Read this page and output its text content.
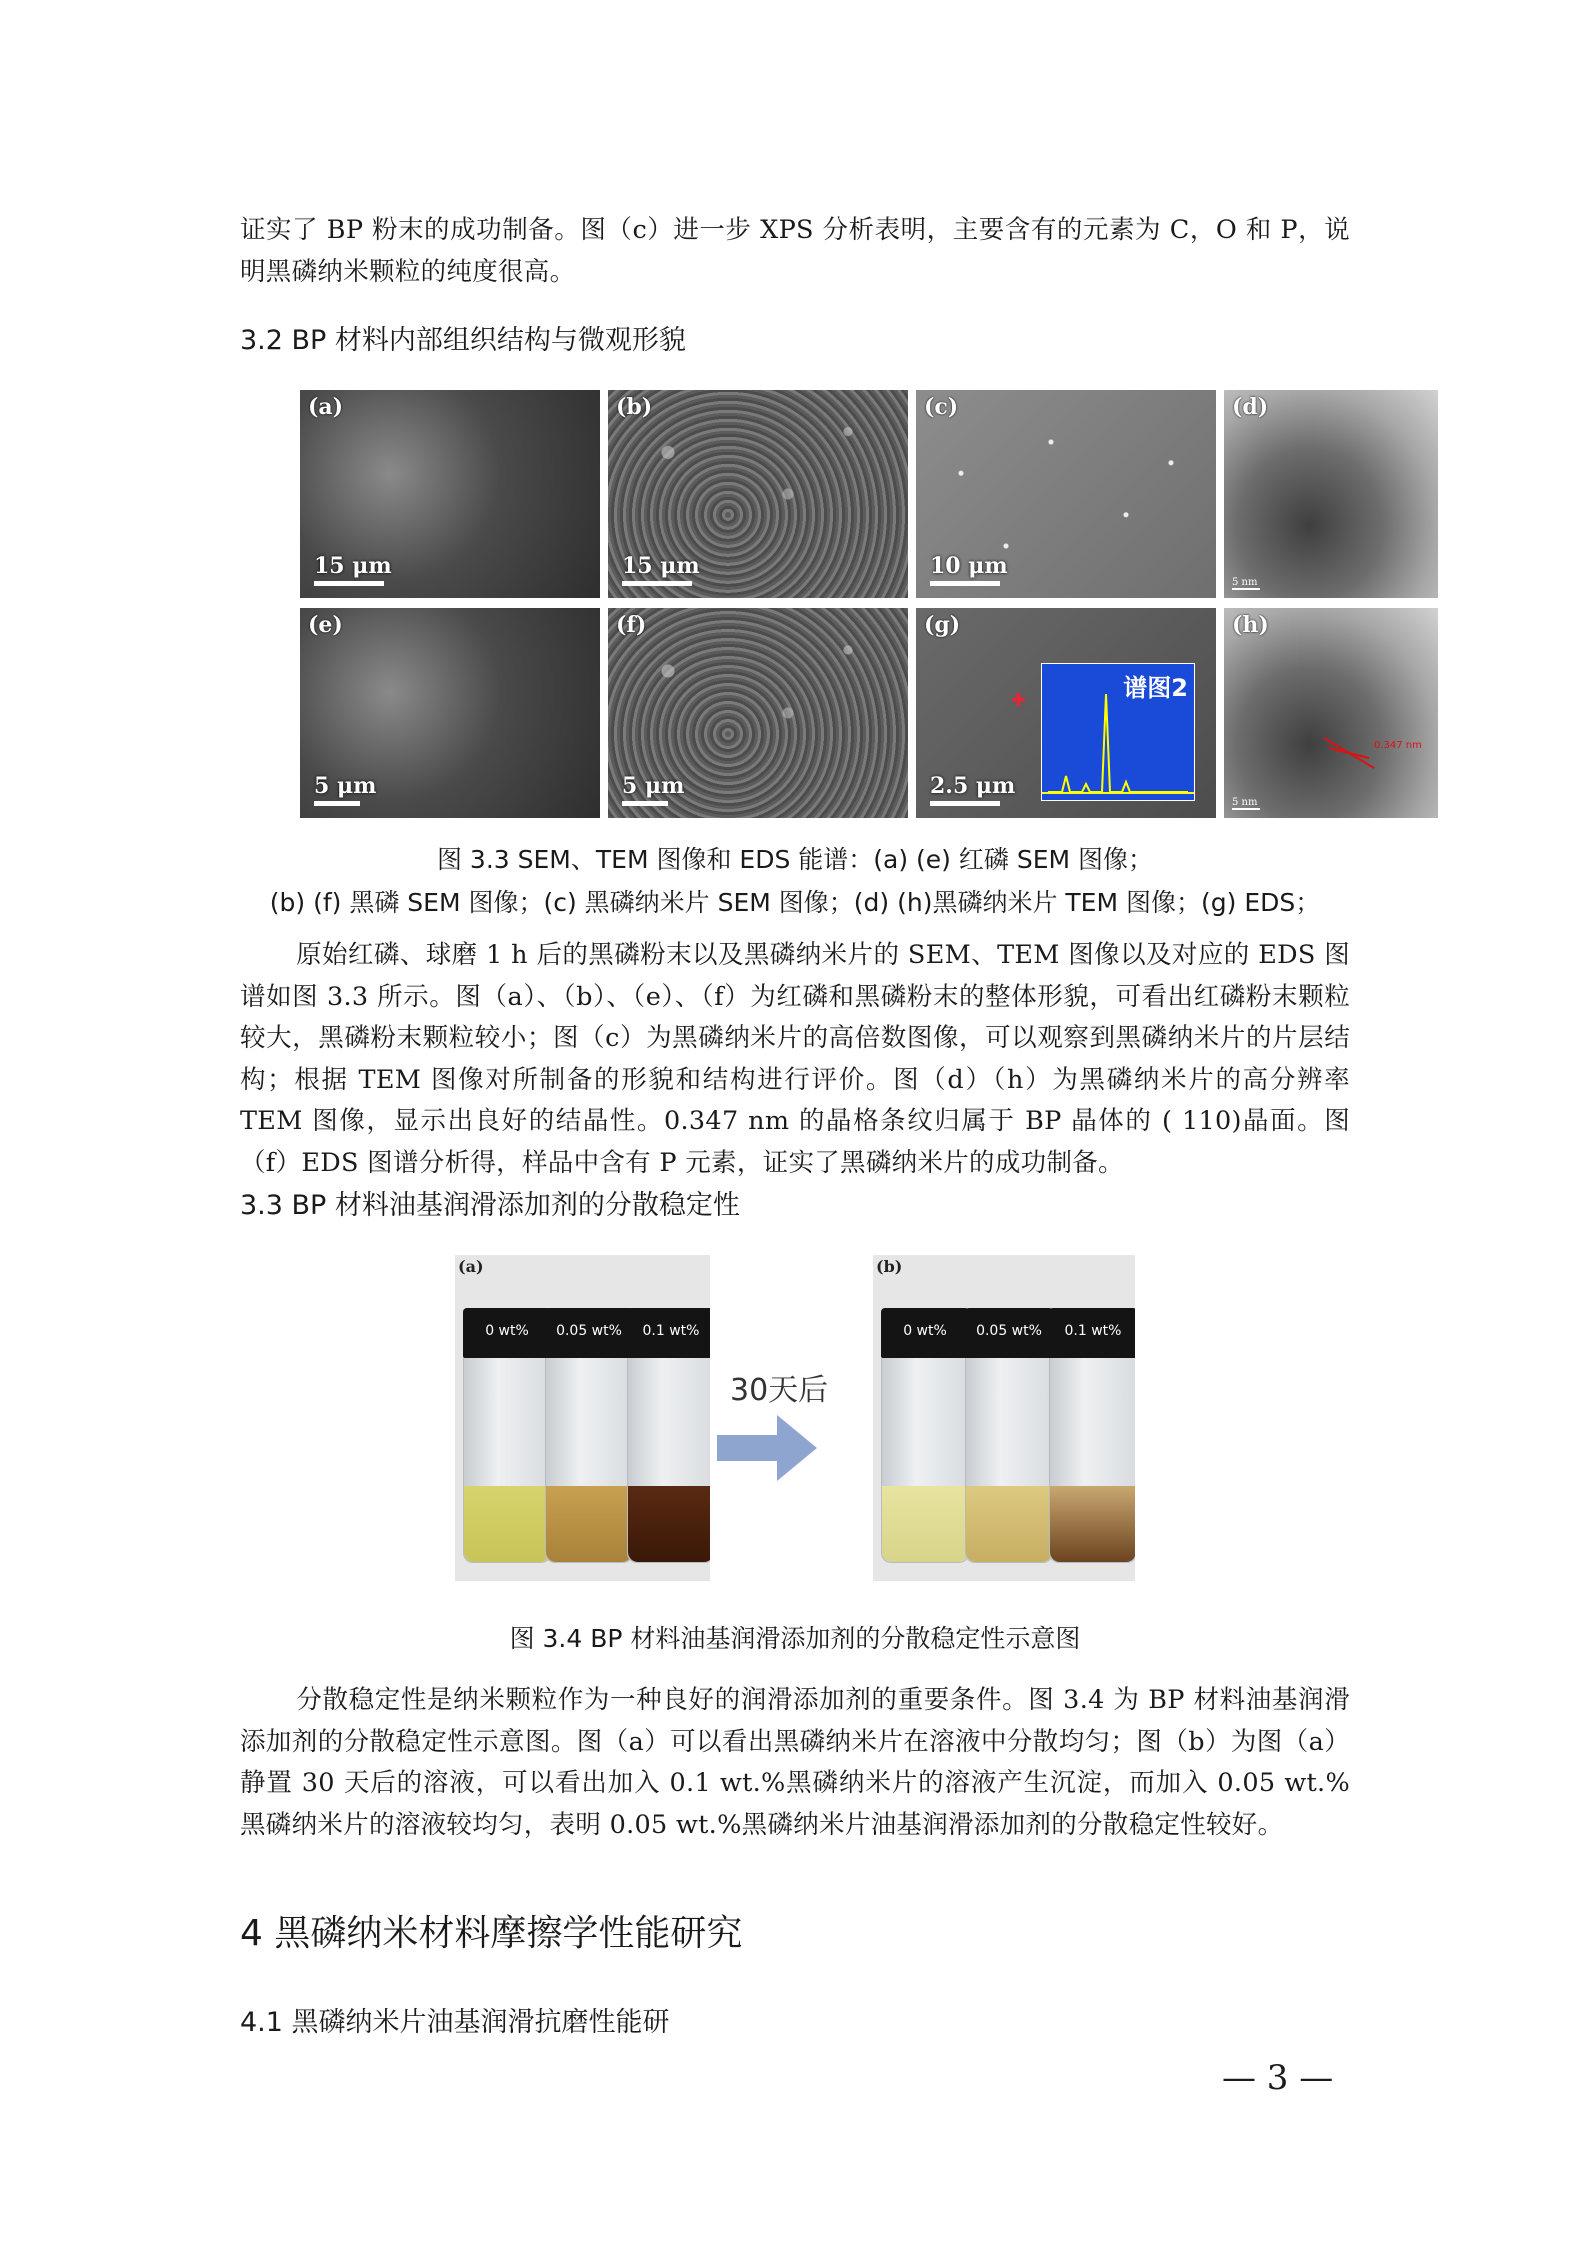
证实了 BP 粉末的成功制备。图（c）进一步 XPS 分析表明，主要含有的元素为 C，O 和 P，说明黑磷纳米颗粒的纯度很高。
3.2 BP 材料内部组织结构与微观形貌
(a)
15 μm
(b)
15 μm
(c)
10 μm
(d)
5 nm
(e)
5 μm
(f)
5 μm
(g)
谱图2
✚
2.5 μm
(h)
0.347 nm
5 nm
图 3.3 SEM、TEM 图像和 EDS 能谱：(a) (e) 红磷 SEM 图像；
(b) (f) 黑磷 SEM 图像；(c) 黑磷纳米片 SEM 图像；(d) (h)黑磷纳米片 TEM 图像；(g) EDS；
原始红磷、球磨 1 h 后的黑磷粉末以及黑磷纳米片的 SEM、TEM 图像以及对应的 EDS 图谱如图 3.3 所示。图（a）、（b）、（e）、（f）为红磷和黑磷粉末的整体形貌，可看出红磷粉末颗粒较大，黑磷粉末颗粒较小；图（c）为黑磷纳米片的高倍数图像，可以观察到黑磷纳米片的片层结构；根据 TEM 图像对所制备的形貌和结构进行评价。图（d）（h）为黑磷纳米片的高分辨率 TEM 图像，显示出良好的结晶性。0.347 nm 的晶格条纹归属于 BP 晶体的 ( 110)晶面。图（f）EDS 图谱分析得，样品中含有 P 元素，证实了黑磷纳米片的成功制备。
3.3 BP 材料油基润滑添加剂的分散稳定性
(a)
0 wt%	0.05 wt%	0.1 wt%
30天后
(b)
0 wt%	0.05 wt%	0.1 wt%
图 3.4 BP 材料油基润滑添加剂的分散稳定性示意图
分散稳定性是纳米颗粒作为一种良好的润滑添加剂的重要条件。图 3.4 为 BP 材料油基润滑添加剂的分散稳定性示意图。图（a）可以看出黑磷纳米片在溶液中分散均匀；图（b）为图（a）静置 30 天后的溶液，可以看出加入 0.1 wt.%黑磷纳米片的溶液产生沉淀，而加入 0.05 wt.%黑磷纳米片的溶液较均匀，表明 0.05 wt.%黑磷纳米片油基润滑添加剂的分散稳定性较好。
4 黑磷纳米材料摩擦学性能研究
4.1 黑磷纳米片油基润滑抗磨性能研
— 3 —
